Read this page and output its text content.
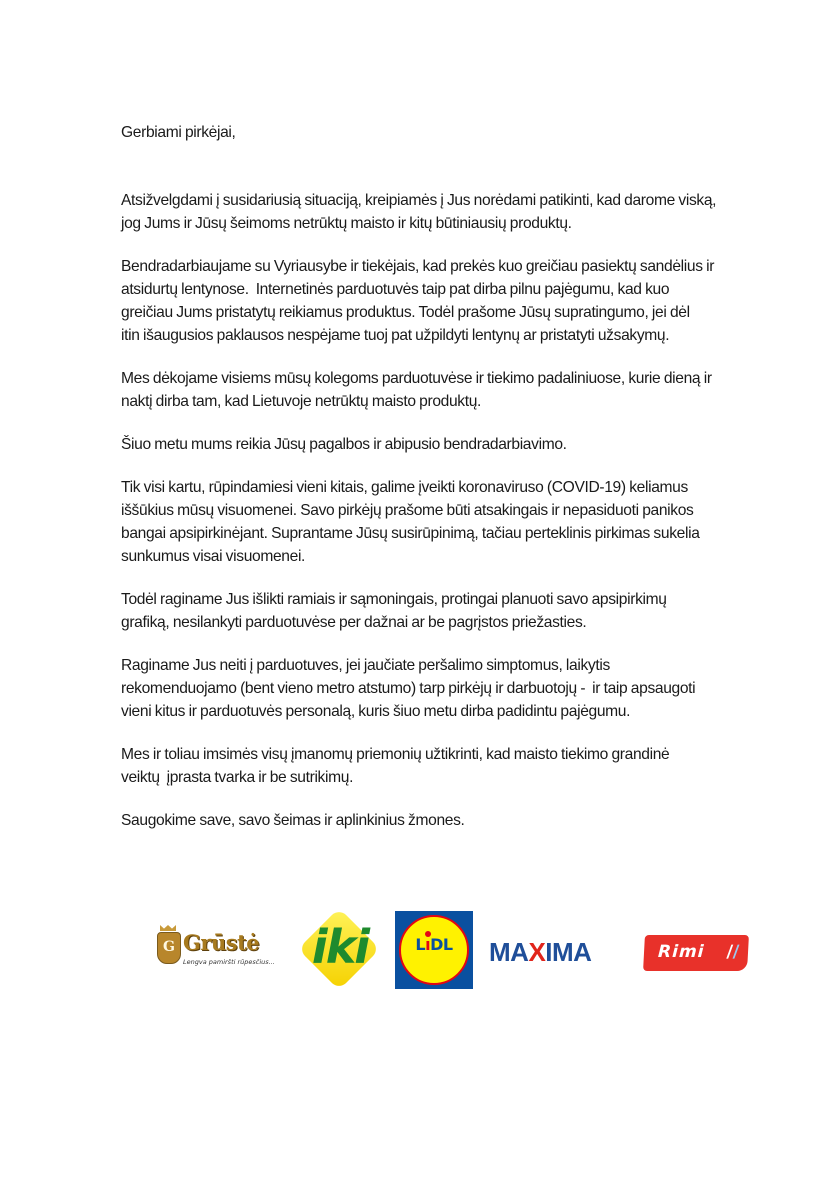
Gerbiami pirkėjai,
Atsižvelgdami į susidariusią situaciją, kreipiamės į Jus norėdami patikinti, kad darome viską,
jog Jums ir Jūsų šeimoms netrūktų maisto ir kitų būtiniausių produktų.
Bendradarbiaujame su Vyriausybe ir tiekėjais, kad prekės kuo greičiau pasiektų sandėlius ir
atsidurtų lentynose.  Internetinės parduotuvės taip pat dirba pilnu pajėgumu, kad kuo
greičiau Jums pristatytų reikiamus produktus. Todėl prašome Jūsų supratingumo, jei dėl
itin išaugusios paklausos nespėjame tuoj pat užpildyti lentynų ar pristatyti užsakymų.
Mes dėkojame visiems mūsų kolegoms parduotuvėse ir tiekimo padaliniuose, kurie dieną ir
naktį dirba tam, kad Lietuvoje netrūktų maisto produktų.
Šiuo metu mums reikia Jūsų pagalbos ir abipusio bendradarbiavimo.
Tik visi kartu, rūpindamiesi vieni kitais, galime įveikti koronaviruso (COVID-19) keliamus
iššūkius mūsų visuomenei. Savo pirkėjų prašome būti atsakingais ir nepasiduoti panikos
bangai apsipirkinėjant. Suprantame Jūsų susirūpinimą, tačiau perteklinis pirkimas sukelia
sunkumus visai visuomenei.
Todėl raginame Jus išlikti ramiais ir sąmoningais, protingai planuoti savo apsipirkimų
grafiką, nesilankyti parduotuvėse per dažnai ar be pagrįstos priežasties.
Raginame Jus neiti į parduotuves, jei jaučiate peršalimo simptomus, laikytis
rekomenduojamo (bent vieno metro atstumo) tarp pirkėjų ir darbuotojų -  ir taip apsaugoti
vieni kitus ir parduotuvės personalą, kuris šiuo metu dirba padidintu pajėgumu.
Mes ir toliau imsimės visų įmanomų priemonių užtikrinti, kad maisto tiekimo grandinė
veiktų  įprasta tvarka ir be sutrikimų.
Saugokime save, savo šeimas ir aplinkinius žmones.
G Grūstė
Lengva pamiršti rūpesčius... iki	LıDL	MAXIMA	Rimi //
